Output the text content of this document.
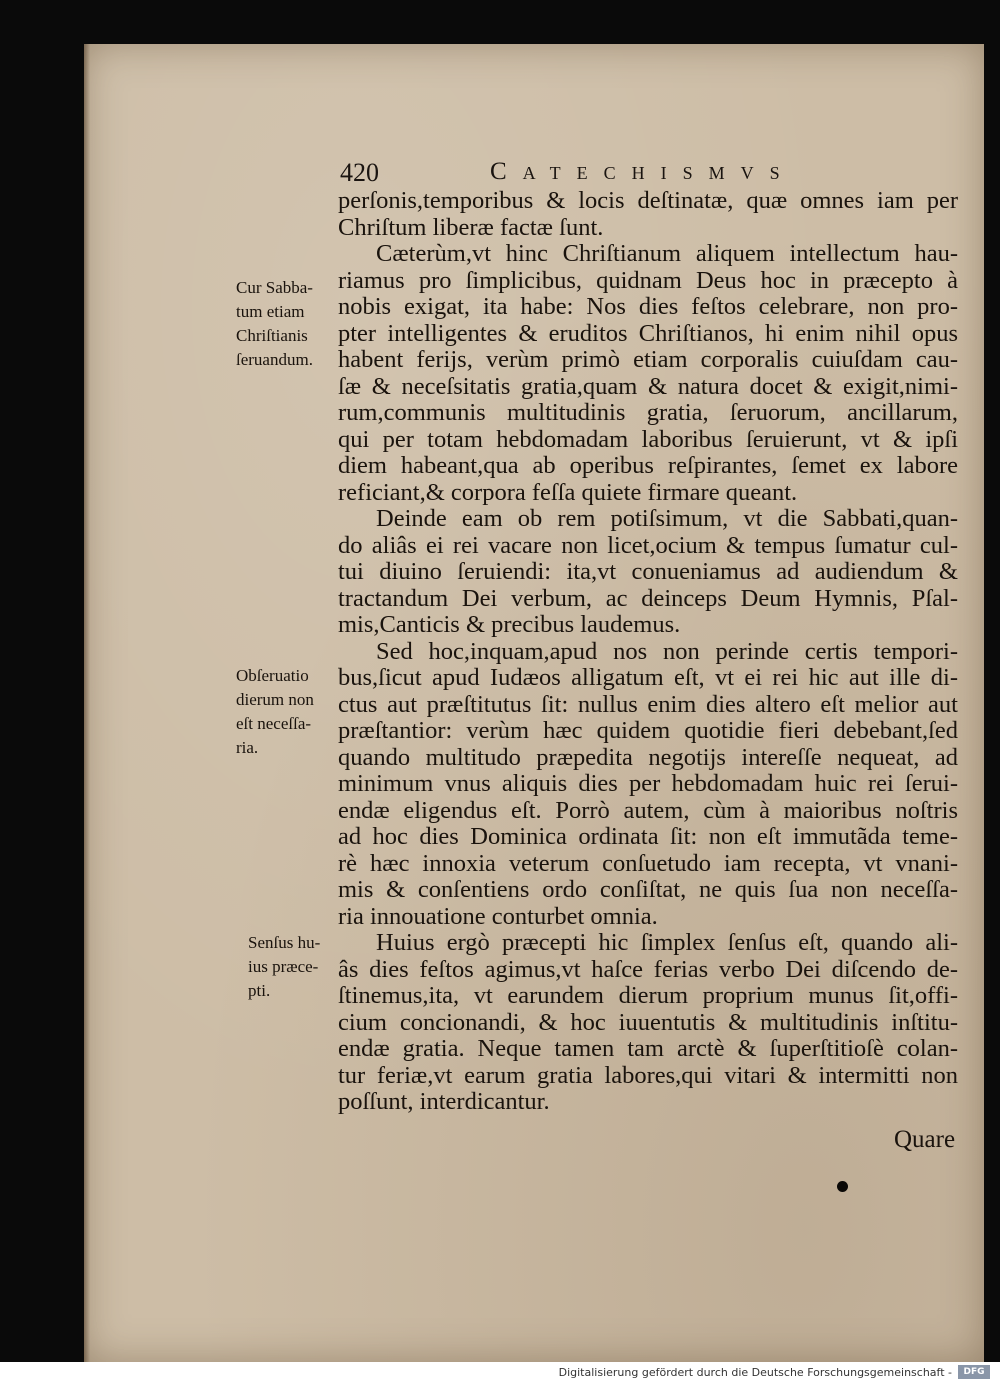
420	Catechismvs
perſonis,temporibus & locis deſtinatæ, quæ omnes iam per
Chriſtum liberæ factæ ſunt.
Cæterùm,vt hinc Chriſtianum aliquem intellectum hau-
riamus pro ſimplicibus, quidnam Deus hoc in præcepto à
nobis exigat, ita habe: Nos dies feſtos celebrare, non pro-
pter intelligentes & eruditos Chriſtianos, hi enim nihil opus
habent ferijs, verùm primò etiam corporalis cuiuſdam cau-
ſæ & neceſsitatis gratia,quam & natura docet & exigit,nimi-
rum,communis multitudinis gratia, ſeruorum, ancillarum,
qui per totam hebdomadam laboribus ſeruierunt, vt & ipſi
diem habeant,qua ab operibus reſpirantes, ſemet ex labore
reficiant,& corpora feſſa quiete firmare queant.
Deinde eam ob rem potiſsimum, vt die Sabbati,quan-
do aliâs ei rei vacare non licet,ocium & tempus ſumatur cul-
tui diuino ſeruiendi: ita,vt conueniamus ad audiendum &
tractandum Dei verbum, ac deinceps Deum Hymnis, Pſal-
mis,Canticis & precibus laudemus.
Sed hoc,inquam,apud nos non perinde certis tempori-
bus,ſicut apud Iudæos alligatum eſt, vt ei rei hic aut ille di-
ctus aut præſtitutus ſit: nullus enim dies altero eſt melior aut
præſtantior: verùm hæc quidem quotidie fieri debebant,ſed
quando multitudo præpedita negotijs intereſſe nequeat, ad
minimum vnus aliquis dies per hebdomadam huic rei ſerui-
endæ eligendus eſt. Porrò autem, cùm à maioribus noſtris
ad hoc dies Dominica ordinata ſit: non eſt immutãda teme-
rè hæc innoxia veterum conſuetudo iam recepta, vt vnani-
mis & conſentiens ordo conſiſtat, ne quis ſua non neceſſa-
ria innouatione conturbet omnia.
Huius ergò præcepti hic ſimplex ſenſus eſt, quando ali-
âs dies feſtos agimus,vt haſce ferias verbo Dei diſcendo de-
ſtinemus,ita, vt earundem dierum proprium munus ſit,offi-
cium concionandi, & hoc iuuentutis & multitudinis inſtitu-
endæ gratia. Neque tamen tam arctè & ſuperſtitioſè colan-
tur feriæ,vt earum gratia labores,qui vitari & intermitti non
poſſunt, interdicantur.
Cur Sabba-
tum etiam
Chriſtianis
ſeruandum.
Obſeruatio
dierum non
eſt neceſſa-
ria.
Senſus hu-
ius præce-
pti.
Quare
Digitalisierung gefördert durch die Deutsche Forschungsgemeinschaft -	DFG
